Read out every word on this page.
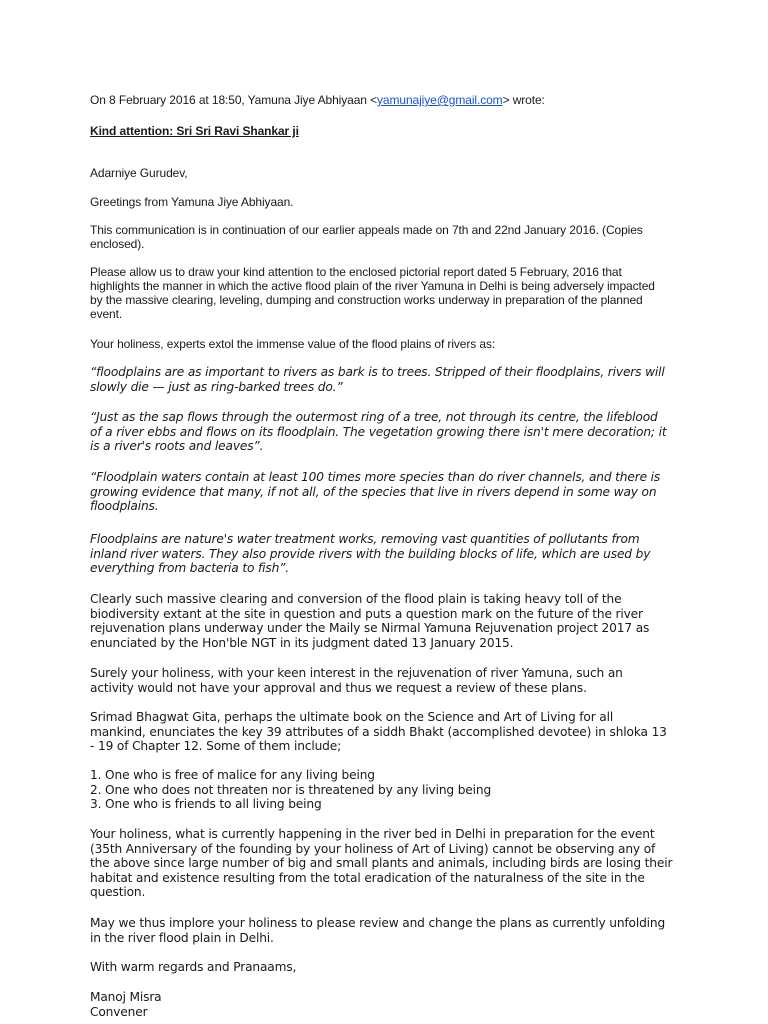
On 8 February 2016 at 18:50, Yamuna Jiye Abhiyaan <yamunajiye@gmail.com> wrote:

Kind attention: Sri Sri Ravi Shankar ji

Adarniye Gurudev,

Greetings from Yamuna Jiye Abhiyaan.

This communication is in continuation of our earlier appeals made on 7th and 22nd January 2016. (Copies
enclosed).

Please allow us to draw your kind attention to the enclosed pictorial report dated 5 February, 2016 that
highlights the manner in which the active flood plain of the river Yamuna in Delhi is being adversely impacted
by the massive clearing, leveling, dumping and construction works underway in preparation of the planned
event.

Your holiness, experts extol the immense value of the flood plains of rivers as:

“floodplains are as important to rivers as bark is to trees. Stripped of their floodplains, rivers will
slowly die — just as ring-barked trees do.”

“Just as the sap flows through the outermost ring of a tree, not through its centre, the lifeblood
of a river ebbs and flows on its floodplain. The vegetation growing there isn't mere decoration; it
is a river's roots and leaves”.

“Floodplain waters contain at least 100 times more species than do river channels, and there is
growing evidence that many, if not all, of the species that live in rivers depend in some way on
floodplains.

Floodplains are nature's water treatment works, removing vast quantities of pollutants from
inland river waters. They also provide rivers with the building blocks of life, which are used by
everything from bacteria to fish”.

Clearly such massive clearing and conversion of the flood plain is taking heavy toll of the
biodiversity extant at the site in question and puts a question mark on the future of the river
rejuvenation plans underway under the Maily se Nirmal Yamuna Rejuvenation project 2017 as
enunciated by the Hon'ble NGT in its judgment dated 13 January 2015.

Surely your holiness, with your keen interest in the rejuvenation of river Yamuna, such an
activity would not have your approval and thus we request a review of these plans.

Srimad Bhagwat Gita, perhaps the ultimate book on the Science and Art of Living for all
mankind, enunciates the key 39 attributes of a siddh Bhakt (accomplished devotee) in shloka 13
- 19 of Chapter 12. Some of them include;

1. One who is free of malice for any living being
2. One who does not threaten nor is threatened by any living being
3. One who is friends to all living being

Your holiness, what is currently happening in the river bed in Delhi in preparation for the event
(35th Anniversary of the founding by your holiness of Art of Living) cannot be observing any of
the above since large number of big and small plants and animals, including birds are losing their
habitat and existence resulting from the total eradication of the naturalness of the site in the
question.

May we thus implore your holiness to please review and change the plans as currently unfolding
in the river flood plain in Delhi.

With warm regards and Pranaams,

Manoj Misra
Convener
